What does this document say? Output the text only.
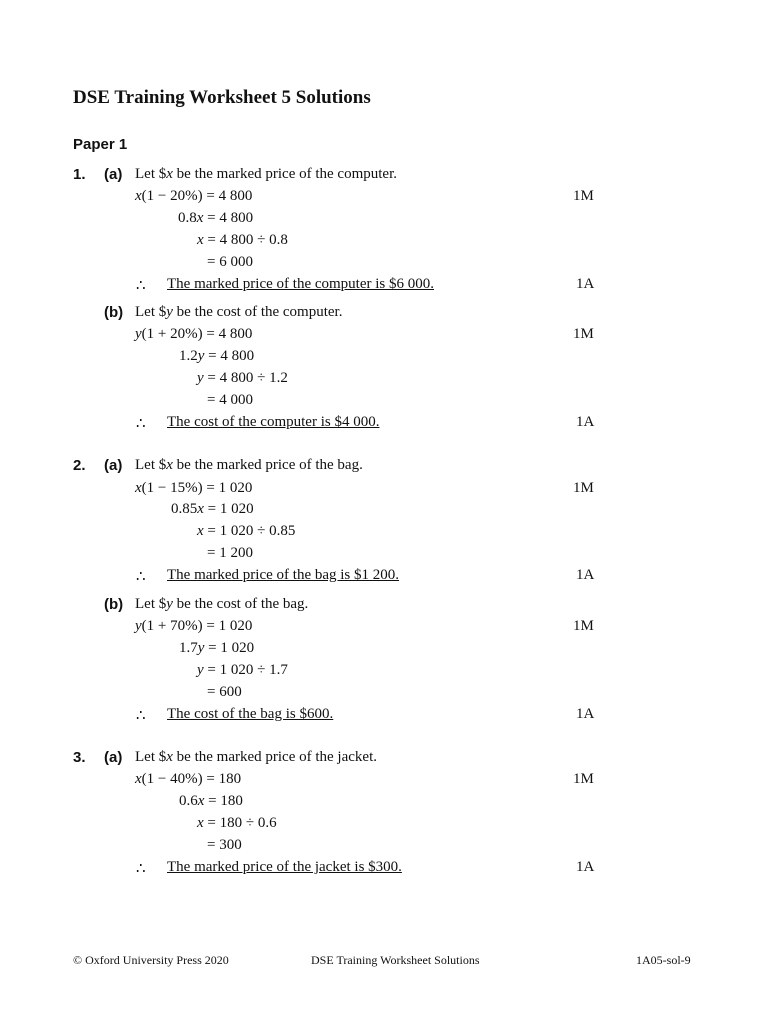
DSE Training Worksheet 5 Solutions
Paper 1
1. (a) Let $x be the marked price of the computer.
x(1 − 20%) = 4 800	1M
0.8x = 4 800
x = 4 800 ÷ 0.8
= 6 000
∴ The marked price of the computer is $6 000.	1A
(b) Let $y be the cost of the computer.
y(1 + 20%) = 4 800	1M
1.2y = 4 800
y = 4 800 ÷ 1.2
= 4 000
∴ The cost of the computer is $4 000.	1A
2. (a) Let $x be the marked price of the bag.
x(1 − 15%) = 1 020	1M
0.85x = 1 020
x = 1 020 ÷ 0.85
= 1 200
∴ The marked price of the bag is $1 200.	1A
(b) Let $y be the cost of the bag.
y(1 + 70%) = 1 020	1M
1.7y = 1 020
y = 1 020 ÷ 1.7
= 600
∴ The cost of the bag is $600.	1A
3. (a) Let $x be the marked price of the jacket.
x(1 − 40%) = 180	1M
0.6x = 180
x = 180 ÷ 0.6
= 300
∴ The marked price of the jacket is $300.	1A
© Oxford University Press 2020	DSE Training Worksheet Solutions	1A05-sol-9
